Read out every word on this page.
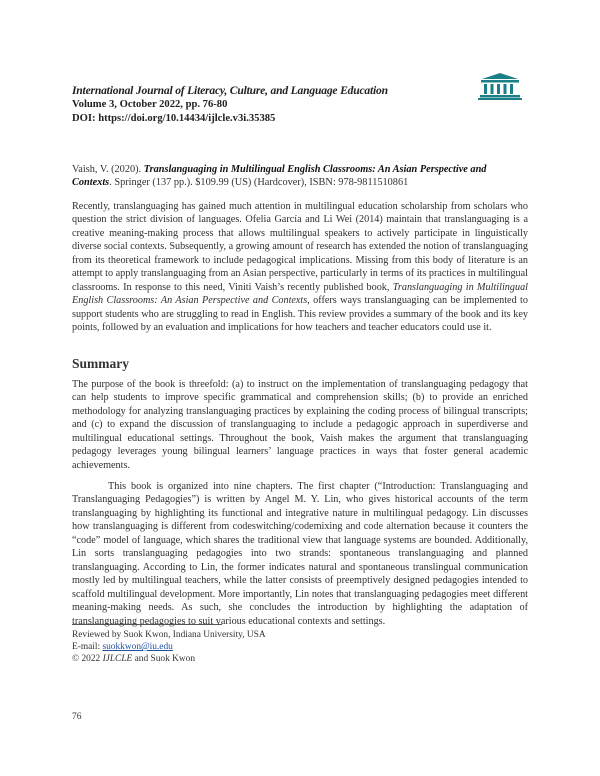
International Journal of Literacy, Culture, and Language Education
Volume 3, October 2022, pp. 76-80
DOI: https://doi.org/10.14434/ijlcle.v3i.35385
Vaish, V. (2020). Translanguaging in Multilingual English Classrooms: An Asian Perspective and Contexts. Springer (137 pp.). $109.99 (US) (Hardcover), ISBN: 978-9811510861
Recently, translanguaging has gained much attention in multilingual education scholarship from scholars who question the strict division of languages. Ofelia García and Li Wei (2014) maintain that translanguaging is a creative meaning-making process that allows multilingual speakers to actively participate in linguistically diverse social contexts. Subsequently, a growing amount of research has extended the notion of translanguaging from its theoretical framework to include pedagogical implications. Missing from this body of literature is an attempt to apply translanguaging from an Asian perspective, particularly in terms of its practices in multilingual classrooms. In response to this need, Viniti Vaish’s recently published book, Translanguaging in Multilingual English Classrooms: An Asian Perspective and Contexts, offers ways translanguaging can be implemented to support students who are struggling to read in English. This review provides a summary of the book and its key points, followed by an evaluation and implications for how teachers and teacher educators could use it.
Summary
The purpose of the book is threefold: (a) to instruct on the implementation of translanguaging pedagogy that can help students to improve specific grammatical and comprehension skills; (b) to provide an enriched methodology for analyzing translanguaging practices by explaining the coding process of bilingual transcripts; and (c) to expand the discussion of translanguaging to include a pedagogic approach in superdiverse and multilingual educational settings. Throughout the book, Vaish makes the argument that translanguaging pedagogy leverages young bilingual learners’ language practices in ways that foster general academic achievements.
This book is organized into nine chapters. The first chapter (“Introduction: Translanguaging and Translanguaging Pedagogies”) is written by Angel M. Y. Lin, who gives historical accounts of the term translanguaging by highlighting its functional and integrative nature in multilingual pedagogy. Lin discusses how translanguaging is different from codeswitching/codemixing and code alternation because it counters the “code” model of language, which shares the traditional view that language systems are bounded. Additionally, Lin sorts translanguaging pedagogies into two strands: spontaneous translanguaging and planned translanguaging. According to Lin, the former indicates natural and spontaneous translingual communication mostly led by multilingual teachers, while the latter consists of preemptively designed pedagogies intended to scaffold multilingual development. More importantly, Lin notes that translanguaging pedagogies meet different meaning-making needs. As such, she concludes the introduction by highlighting the adaptation of translanguaging pedagogies to suit various educational contexts and settings.
Reviewed by Suok Kwon, Indiana University, USA
E-mail: suokkwon@iu.edu
© 2022 IJLCLE and Suok Kwon
76
